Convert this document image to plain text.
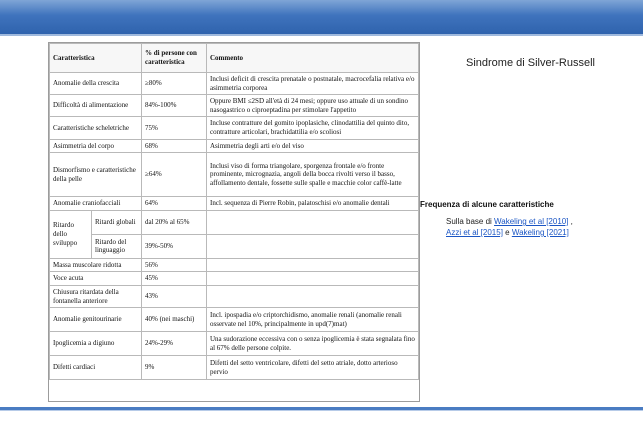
Caratteristica		% di persone con caratteristica	Commento
Anomalie della crescita		≥80%	Inclusi deficit di crescita prenatale o postnatale, macrocefalia relativa e/o asimmetria corporea
Difficoltà di alimentazione		84%-100%	Oppure BMI ≤2SD all'età di 24 mesi; oppure uso attuale di un sondino nasogastrico o ciproeptadina per stimolare l'appetito
Caratteristiche scheletriche		75%	Incluse contratture del gomito ipoplasiche, clinodattilia del quinto dito, contratture articolari, brachidattilia e/o scoliosi
Asimmetria del corpo		68%	Asimmetria degli arti e/o del viso
Dismorfismo e caratteristiche della pelle		≥64%	Inclusi viso di forma triangolare, sporgenza frontale e/o fronte prominente, micrognazia, angoli della bocca rivolti verso il basso, affollamento dentale, fossette sulle spalle e macchie color caffè-latte
Anomalie craniofacciali		64%	Incl. sequenza di Pierre Robin, palatoschisi e/o anomalie dentali
Ritardo dello sviluppo	Ritardi globali	dal 20% al 65%	
	Ritardo del linguaggio	39%-50%	
Massa muscolare ridotta		56%	
Voce acuta		45%	
Chiusura ritardata della fontanella anteriore		43%	
Anomalie genitourinarie		40% (nei maschi)	Incl. ipospadia e/o criptorchidismo, anomalie renali (anomalie renali osservate nel 10%, principalmente in upd(7)mat)
Ipoglicemia a digiuno		24%-29%	Una sudorazione eccessiva con o senza ipoglicemia è stata segnalata fino al 67% delle persone colpite.
Difetti cardiaci		9%	Difetti del setto ventricolare, difetti del setto atriale, dotto arterioso pervio
Sindrome di Silver-Russell
Frequenza di alcune caratteristiche
Sulla base di Wakeling et al [2010] ,
Azzi et al [2015] e Wakeling [2021]
